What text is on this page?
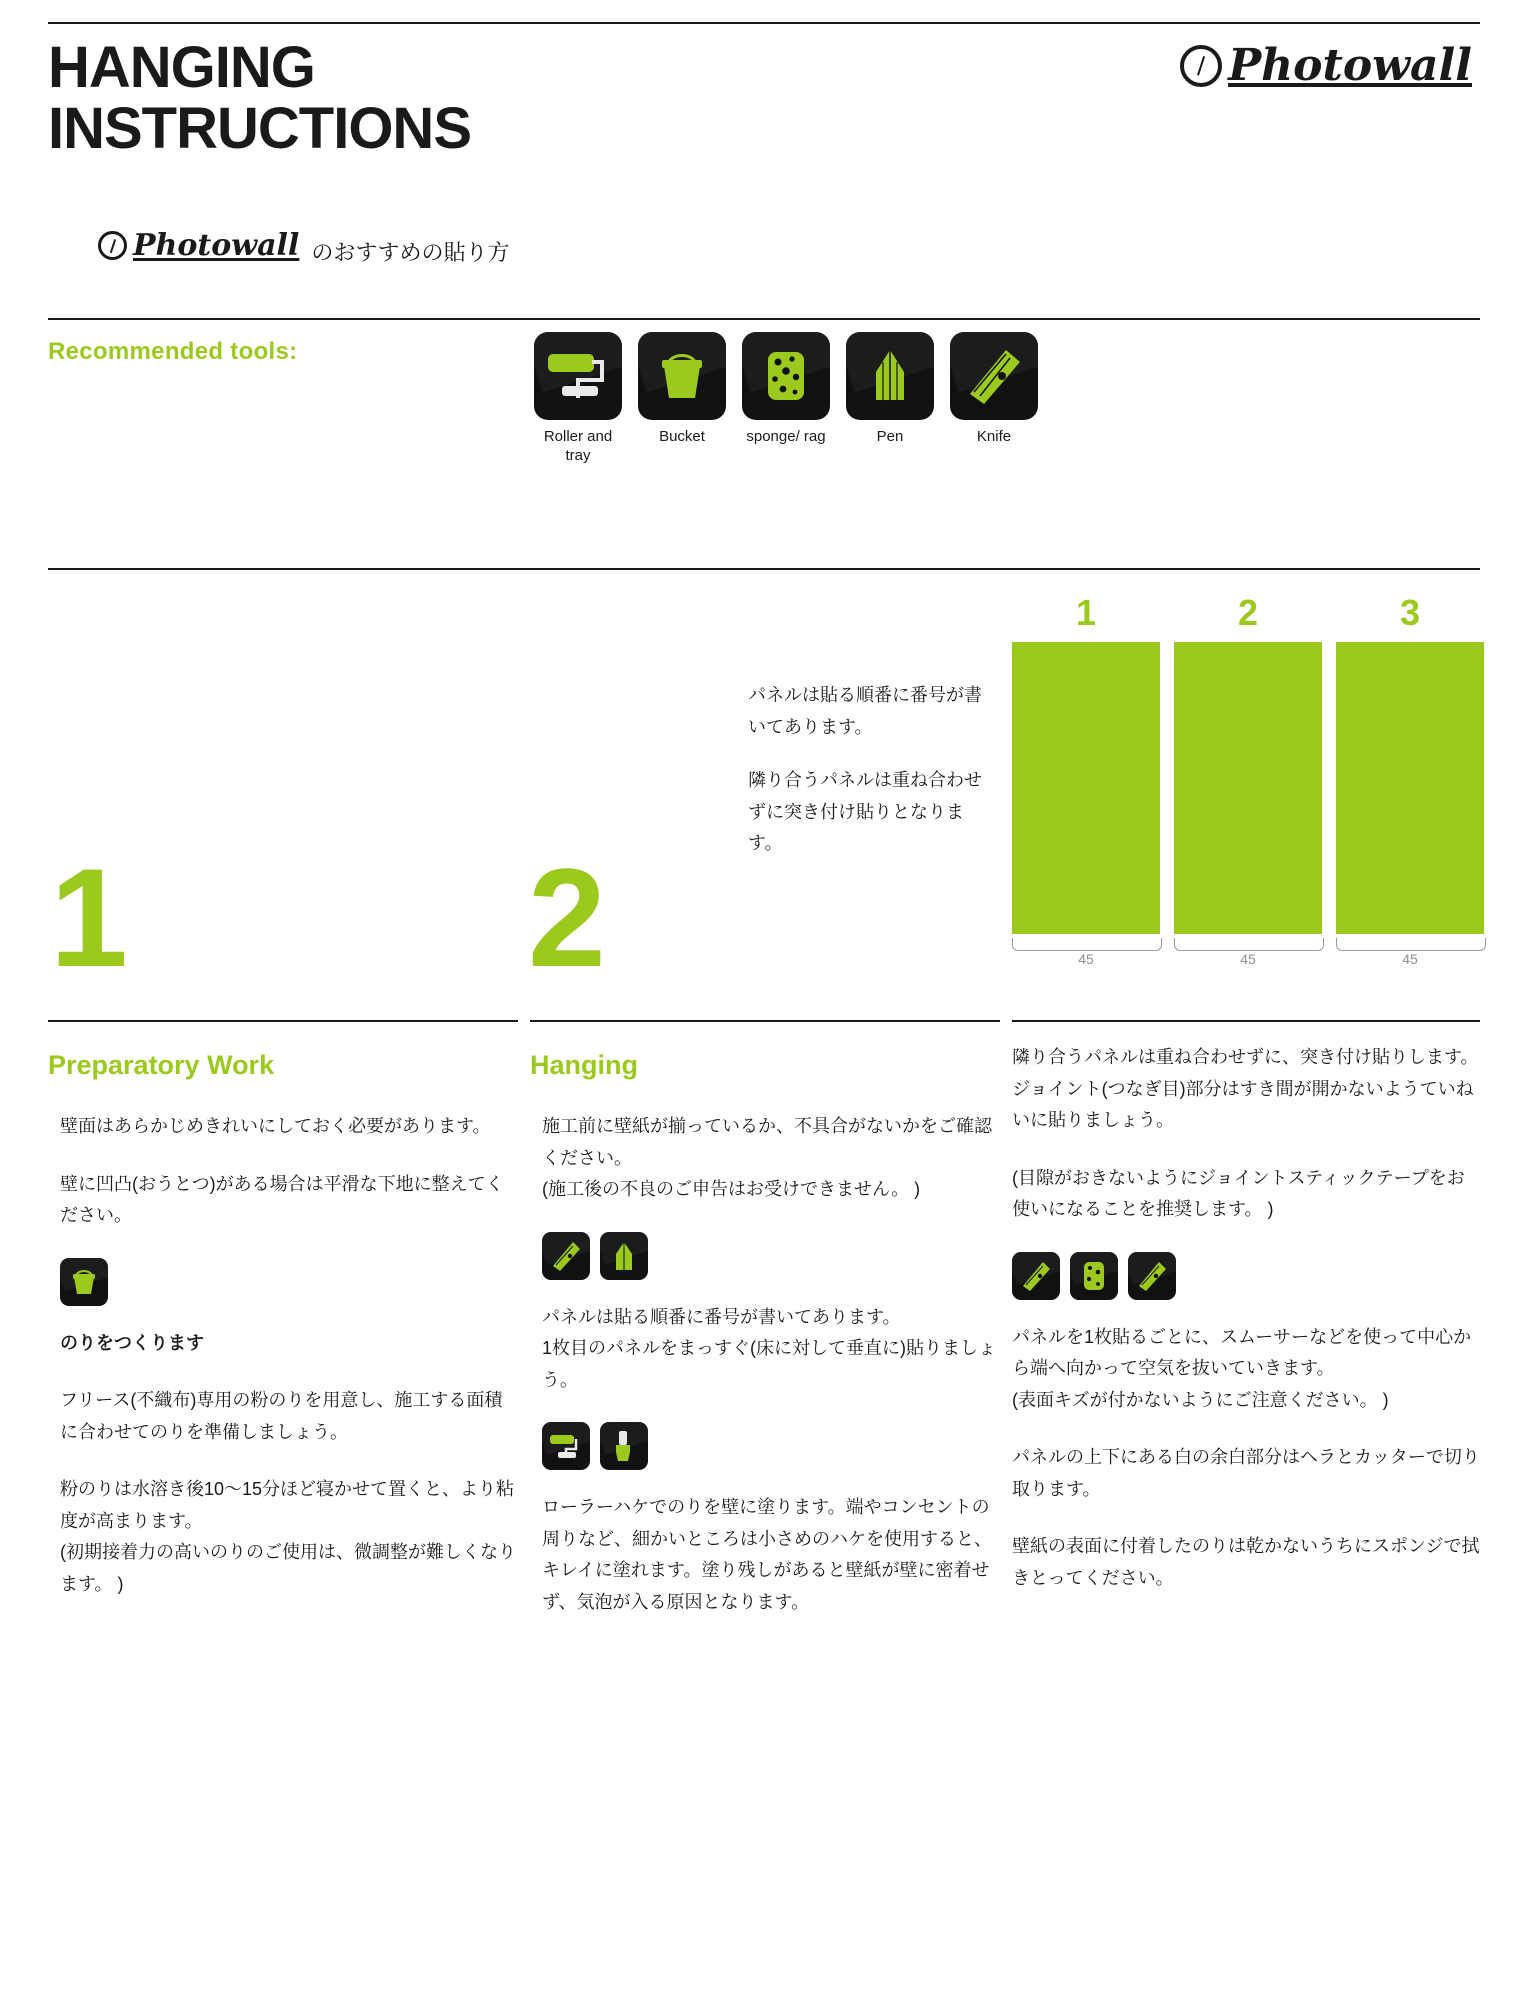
HANGING
INSTRUCTIONS
Photowall
Photowall のおすすめの貼り方
Recommended tools:
Roller and tray
Bucket	sponge/ rag	Pen	Knife
1	2

パネルは貼る順番に番号が書いてあります。

隣り合うパネルは重ね合わせずに突き付け貼りとなります。

1	2	3
45	45	45
Preparatory Work

壁面はあらかじめきれいにしておく必要があります。

壁に凹凸(おうとつ)がある場合は平滑な下地に整えてください。

のりをつくります

フリース(不織布)専用の粉のりを用意し、施工する面積に合わせてのりを準備しましょう。

粉のりは水溶き後10〜15分ほど寝かせて置くと、より粘度が高まります。

(初期接着力の高いのりのご使用は、微調整が難しくなります。 )

Hanging

施工前に壁紙が揃っているか、不具合がないかをご確認ください。

(施工後の不良のご申告はお受けできません。 )

パネルは貼る順番に番号が書いてあります。

1枚目のパネルをまっすぐ(床に対して垂直に)貼りましょう。

ローラーハケでのりを壁に塗ります。端やコンセントの周りなど、細かいところは小さめのハケを使用すると、キレイに塗れます。塗り残しがあると壁紙が壁に密着せず、気泡が入る原因となります。

隣り合うパネルは重ね合わせずに、突き付け貼りします。ジョイント(つなぎ目)部分はすき間が開かないようていねいに貼りましょう。

(目隙がおきないようにジョイントスティックテープをお使いになることを推奨します。 )

パネルを1枚貼るごとに、スムーサーなどを使って中心から端へ向かって空気を抜いていきます。

(表面キズが付かないようにご注意ください。 )

パネルの上下にある白の余白部分はヘラとカッターで切り取ります。

壁紙の表面に付着したのりは乾かないうちにスポンジで拭きとってください。
